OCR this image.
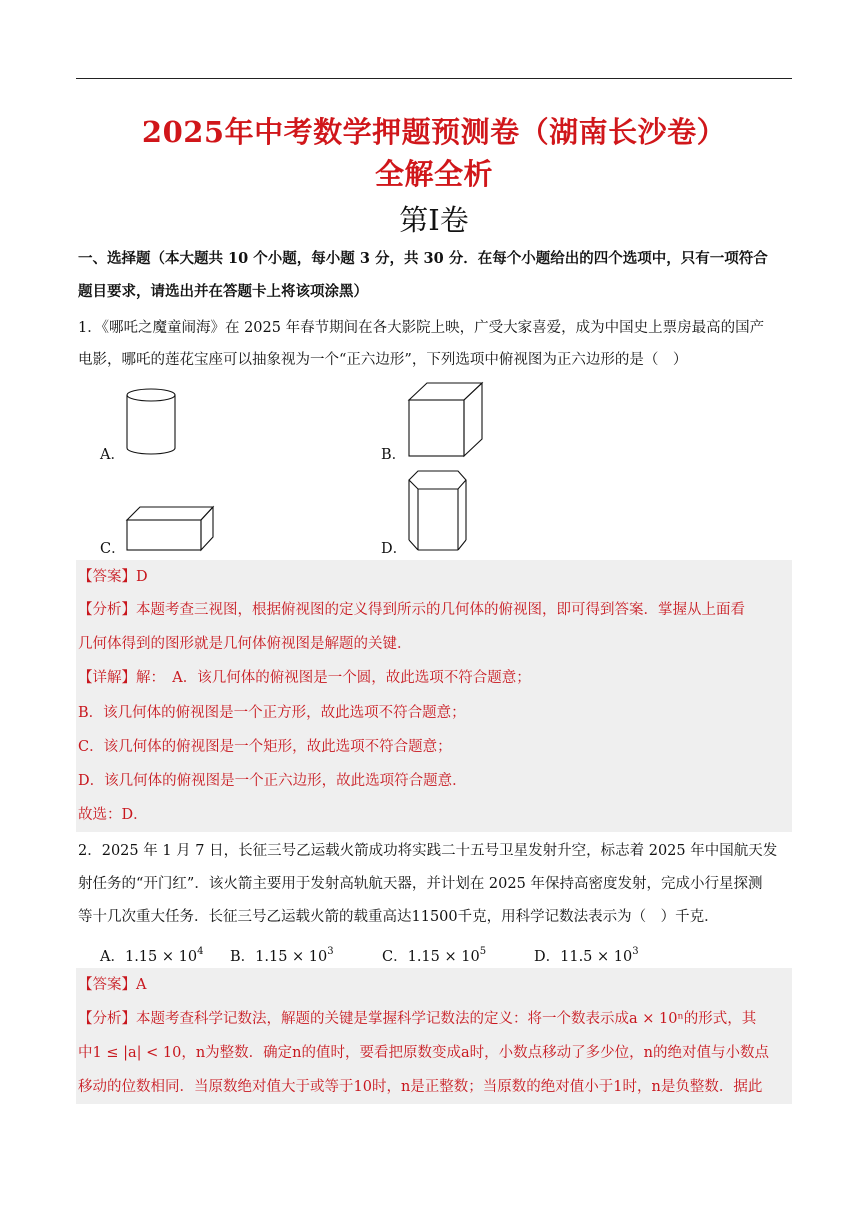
2025年中考数学押题预测卷（湖南长沙卷）
全解全析
第I卷
一、选择题（本大题共 10 个小题，每小题 3 分，共 30 分．在每个小题给出的四个选项中，只有一项符合
题目要求，请选出并在答题卡上将该项涂黑）
1．《哪吒之魔童闹海》在 2025 年春节期间在各大影院上映，广受大家喜爱，成为中国史上票房最高的国产
电影，哪吒的莲花宝座可以抽象视为一个“正六边形”，下列选项中俯视图为正六边形的是（　）
A．	B．
C．	D．
【答案】D
【分析】本题考查三视图，根据俯视图的定义得到所示的几何体的俯视图，即可得到答案．掌握从上面看
几何体得到的图形就是几何体俯视图是解题的关键．
【详解】解：　A．该几何体的俯视图是一个圆，故此选项不符合题意；
B．该几何体的俯视图是一个正方形，故此选项不符合题意；
C．该几何体的俯视图是一个矩形，故此选项不符合题意；
D．该几何体的俯视图是一个正六边形，故此选项符合题意．
故选：D．
2．2025 年 1 月 7 日，长征三号乙运载火箭成功将实践二十五号卫星发射升空，标志着 2025 年中国航天发
射任务的“开门红”．该火箭主要用于发射高轨航天器，并计划在 2025 年保持高密度发射，完成小行星探测
等十几次重大任务．长征三号乙运载火箭的载重高达11500千克，用科学记数法表示为（　）千克．
A．$1.15 \times 10^4$	B．$1.15 \times 10^3$	C．$1.15 \times 10^5$	D．$11.5 \times 10^3$
【答案】A
【分析】本题考查科学记数法，解题的关键是掌握科学记数法的定义：将一个数表示成a × 10ⁿ的形式，其
中1 ≤ |a| < 10，n为整数．确定n的值时，要看把原数变成a时，小数点移动了多少位，n的绝对值与小数点
移动的位数相同．当原数绝对值大于或等于10时，n是正整数；当原数的绝对值小于1时，n是负整数．据此
